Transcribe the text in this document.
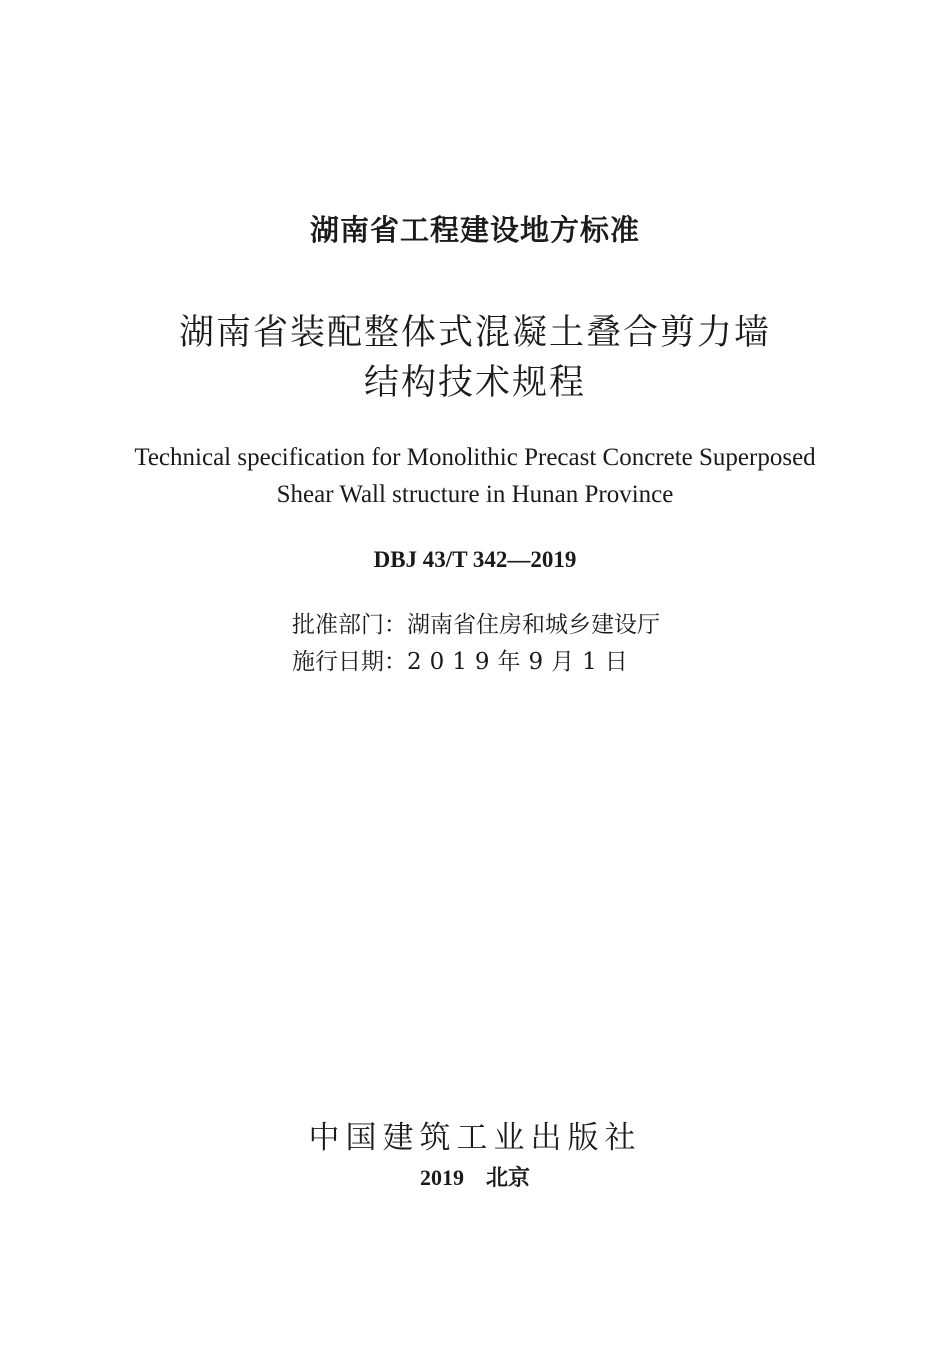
湖南省工程建设地方标准
湖南省装配整体式混凝土叠合剪力墙
结构技术规程
Technical specification for Monolithic Precast Concrete Superposed
Shear Wall structure in Hunan Province
DBJ 43/T 342—2019
批准部门：湖南省住房和城乡建设厅
施行日期：2019年9月1日
中国建筑工业出版社
2019 北京
